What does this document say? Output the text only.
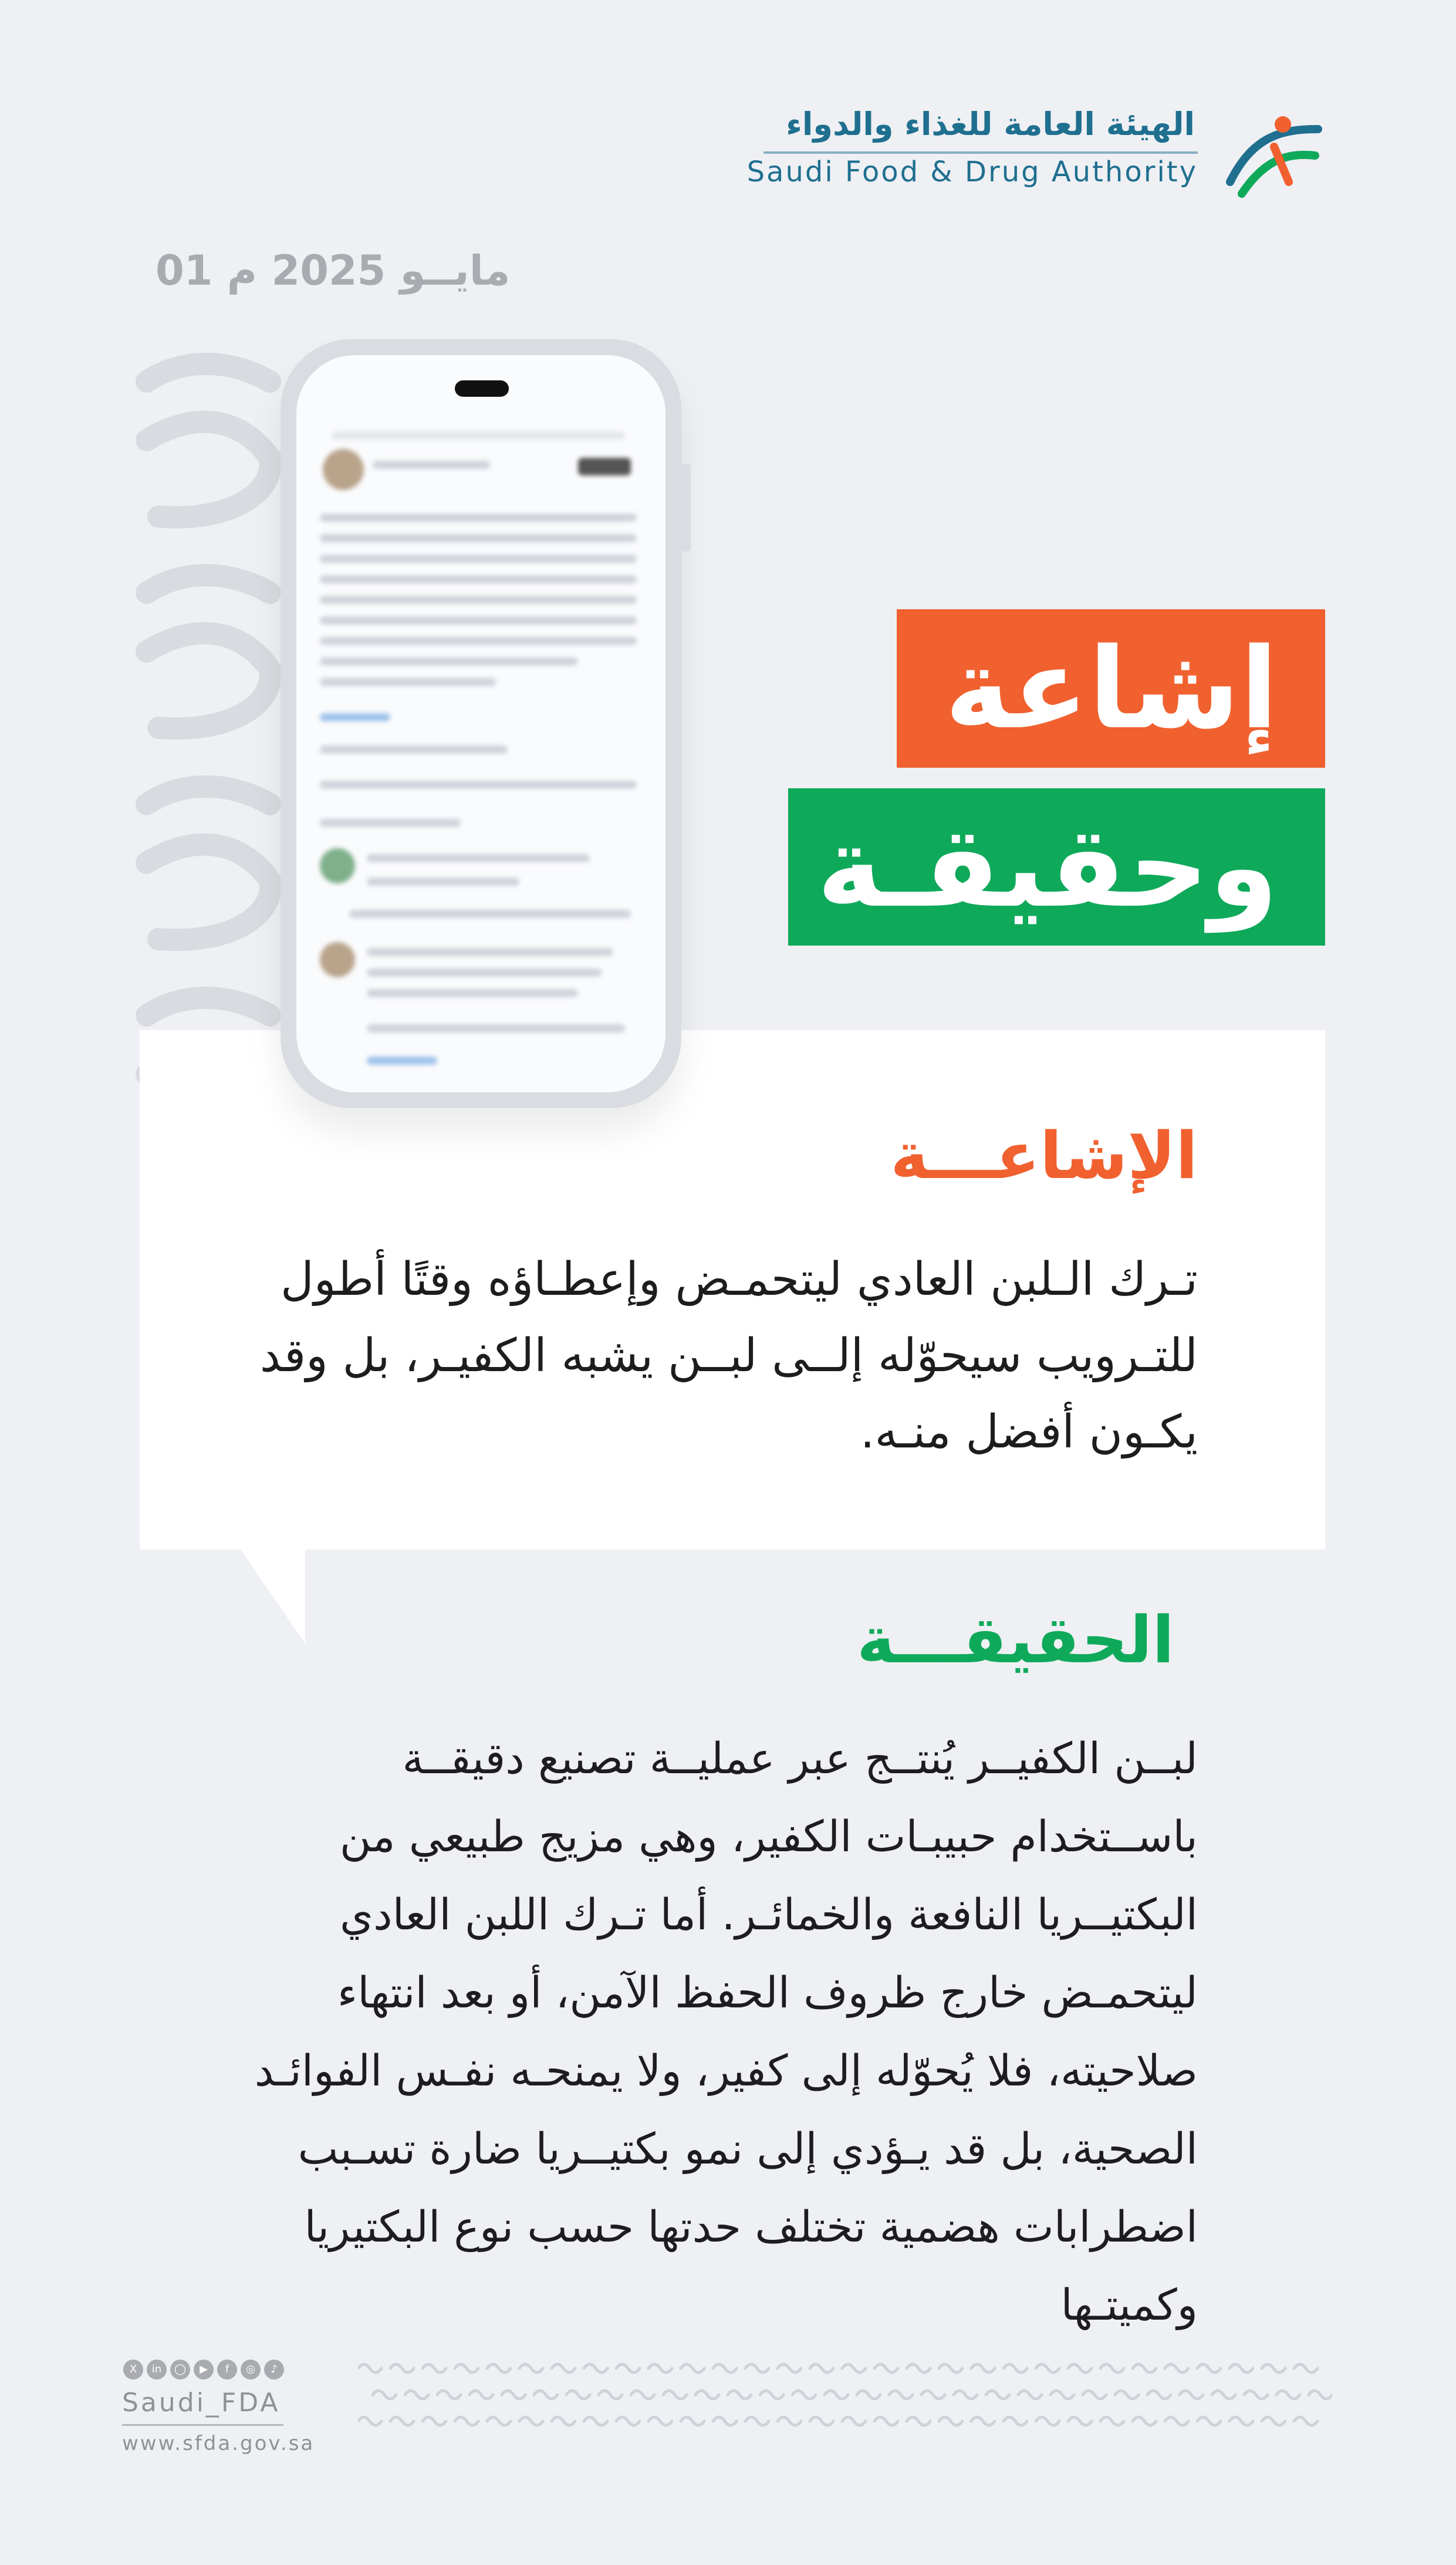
الهيئة العامة للغذاء والدواء
Saudi Food & Drug Authority
01 مايــو 2025 م
إشاعة
وحقيقـة
الإشاعـــة
تـرك الـلبن العادي ليتحمـض وإعطـاؤه وقتًا أطول للتـرويب سيحوّله إلــى لبــن يشبه الكفيـر، بل وقد يكـون أفضل منـه.
الحقيقـــة
لبــن الكفيــر يُنتــج عبر عمليــة تصنيع دقيقــة باســتخدام حبيبـات الكفير، وهي مزيج طبيعي من البكتيــريا النافعة والخمائـر. أما تـرك اللبن العادي ليتحمـض خارج ظروف الحفظ الآمن، أو بعد انتهاء صلاحيته، فلا يُحوّله إلى كفير، ولا يمنحـه نفـس الفوائـد الصحية، بل قد يـؤدي إلى نمو بكتيــريا ضارة تسـبب اضطرابات هضمية تختلف حدتها حسب نوع البكتيريا وكميتـها
X	in	◯	▶	f	◎	♪
Saudi_FDA
www.sfda.gov.sa
